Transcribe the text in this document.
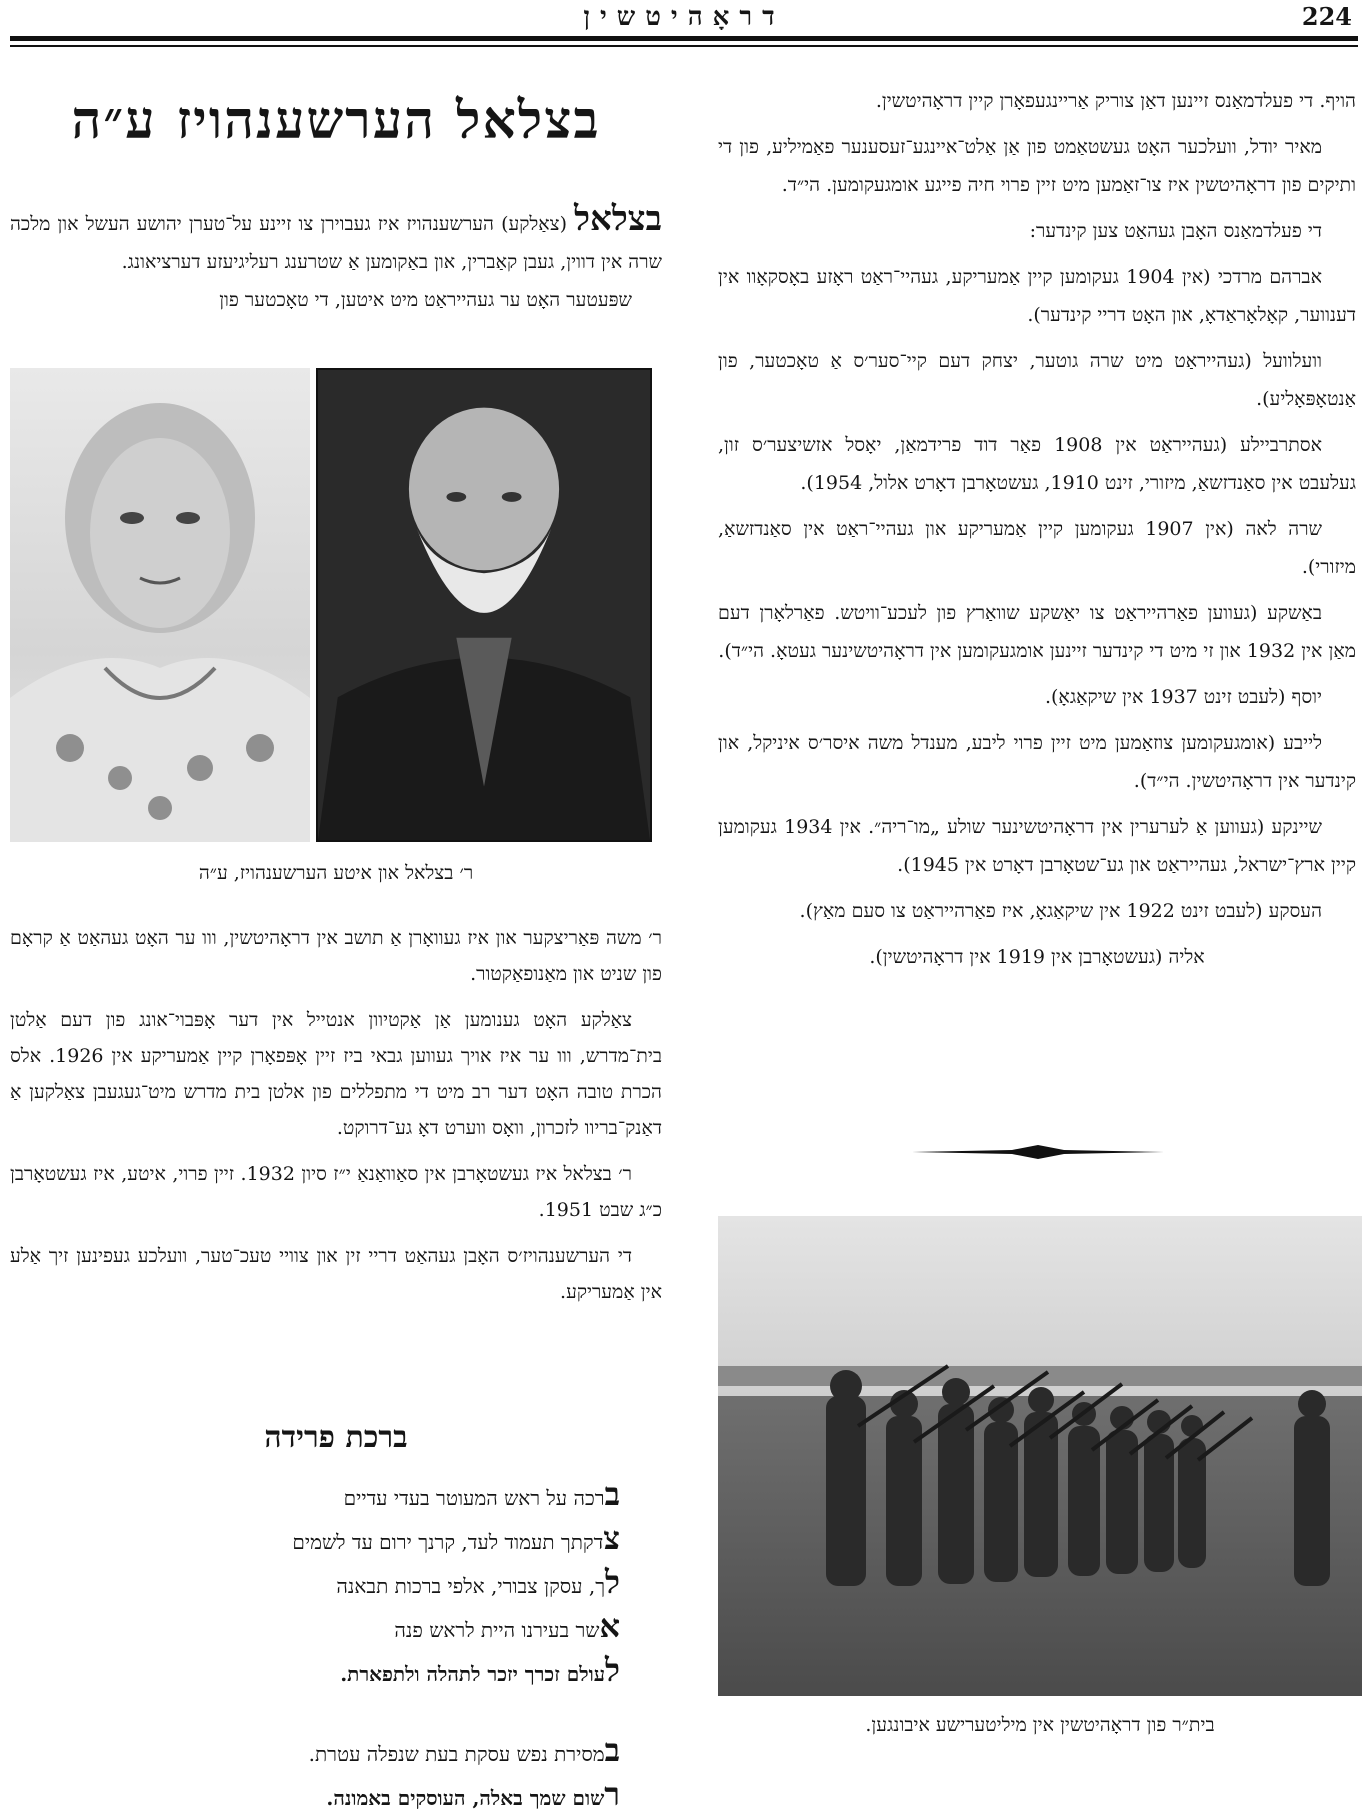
דראָהיטשין	224

הויף. די פעלדמאַנס זיינען דאַן צוריק אַריינגעפאָרן קיין דראָהיטשין.

מאיר יודל, וועלכער האָט געשטאַמט פון אַן אַלט־איינגע־זעסענער פאַמיליע, פון די ותיקים פון דראָהיטשין איז צו־זאַמען מיט זיין פרוי חיה פייגע אומגעקומען. הי״ד.

די פעלדמאַנס האָבן געהאַט צען קינדער:

אברהם מרדכי (אין 1904 געקומען קיין אַמעריקע, געהיי־ראַט ראָזע באָסקאָוו אין דענווער, קאָלאָראַדאָ, און האָט דריי קינדער).

וועלוועל (געהייראַט מיט שרה גוטער, יצחק דעם קיי־סער׳ס אַ טאָכטער, פון אַנטאָפּאָליע).

אסתרביילע (געהייראַט אין 1908 פאַר דוד פרידמאַן, יאָסל אזשיצער׳ס זון, געלעבט אין סאַנדזשאַ, מיזורי, זינט 1910, געשטאָרבן דאָרט אלול, 1954).

שרה לאה (אין 1907 געקומען קיין אַמעריקע און געהיי־ראַט אין סאַנדזשאַ, מיזורי).

באַשקע (געווען פאַרהייראַט צו יאַשקע שוואַרץ פון לעכע־וויטש. פאַרלאָרן דעם מאַן אין 1932 און זי מיט די קינדער זיינען אומגעקומען אין דראָהיטשינער געטאָ. הי״ד).

יוסף (לעבט זינט 1937 אין שיקאַגאָ).

לייבע (אומגעקומען צוזאַמען מיט זיין פרוי ליבע, מענדל משה איסר׳ס איניקל, און קינדער אין דראָהיטשין. הי״ד).

שיינקע (געווען אַ לערערין אין דראָהיטשינער שולע „מו־ריה״. אין 1934 געקומען קיין ארץ־ישראל, געהייראַט און גע־שטאָרבן דאָרט אין 1945).

העסקע (לעבט זינט 1922 אין שיקאַגאָ, איז פאַרהייראַט צו סעם מאַץ).

אליה (געשטאָרבן אין 1919 אין דראָהיטשין).

בית״ר פון דראָהיטשין אין מיליטערישע איבונגען.
בצלאל הערשענהויז ע״ה

בצלאל (צאַלקע) הערשענהויז איז געבוירן צו זיינע על־טערן יהושע העשל און מלכה שרה אין דווין, געבן קאַברין, און באַקומען אַ שטרענג רעליגיעזע דערציאונג.

שפּעטער האָט ער געהייראַט מיט איטען, די טאָכטער פון

ר׳ בצלאל און איטע הערשענהויז, ע״ה

ר׳ משה פּאַריצקער און איז געוואָרן אַ תושב אין דראָהיטשין, ווו ער האָט געהאַט אַ קראָם פון שניט און מאַנופאַקטור.

צאַלקע האָט גענומען אַן אַקטיוון אנטייל אין דער אָפּבוי־אונג פון דעם אַלטן בית־מדרש, ווו ער איז אויך געווען גבאי ביז זיין אָפּפאָרן קיין אַמעריקע אין 1926. אלס הכרת טובה האָט דער רב מיט די מתפללים פון אלטן בית מדרש מיט־געגעבן צאַלקען אַ דאַנק־בריוו לזכרון, וואָס ווערט דאָ גע־דרוקט.

ר׳ בצלאל איז געשטאָרבן אין סאַוואַנאַ י״ז סיון 1932. זיין פרוי, איטע, איז געשטאָרבן כ״ג שבט 1951.

די הערשענהויז׳ס האָבן געהאַט דריי זין און צוויי טעכ־טער, וועלכע געפינען זיך אַלע אין אַמעריקע.

ברכת פרידה
ברכה על ראש המעוטר בעדי עדיים
צדקתך תעמוד לעד, קרנך ירום עד לשמים
לך, עסקן צבורי, אלפי ברכות תבאנה
אשר בעירנו היית לראש פנה
לעולם זכרך יזכר לתהלה ולתפארת.
במסירת נפש עסקת בעת שנפלה עטרת.
רשום שמך באלה, העוסקים באמונה.
